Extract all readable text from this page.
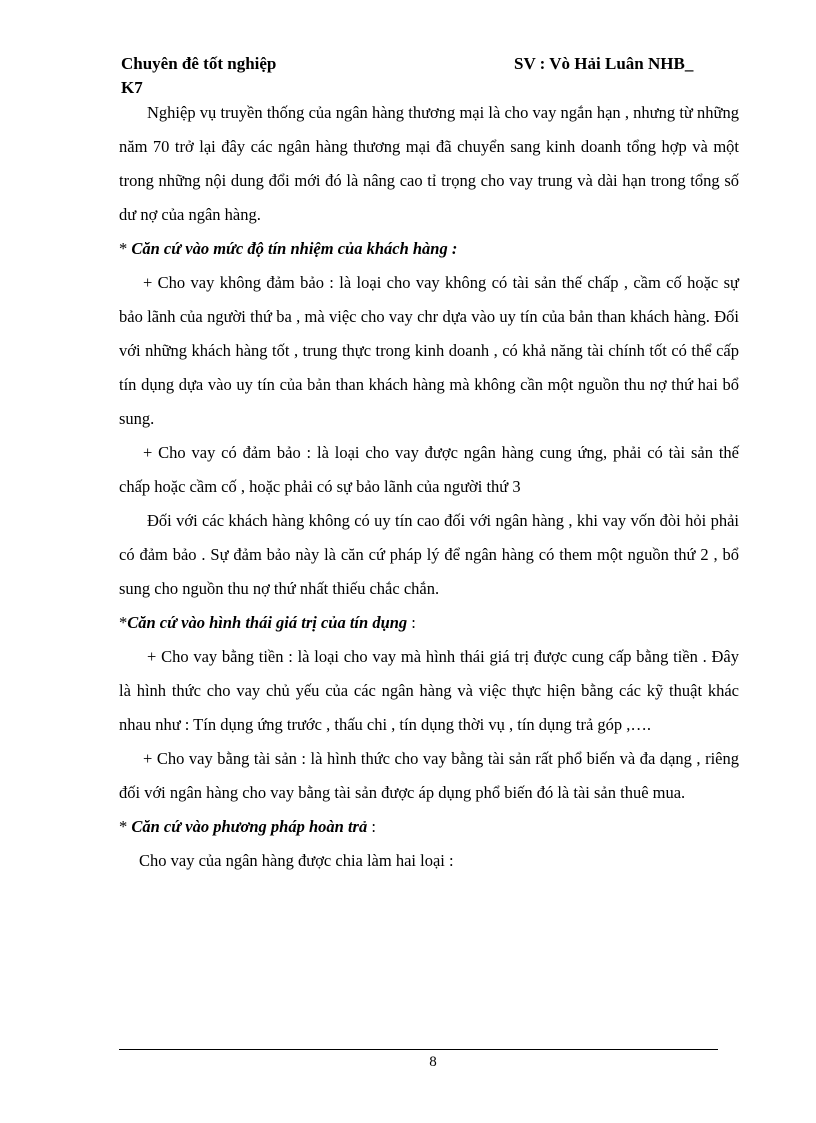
Chuyên đê tốt nghiệp	SV : Vò Hải Luân NHB_
K7

Nghiệp vụ truyền thống của ngân hàng thương mại là cho vay ngắn hạn , nhưng từ những năm 70 trở lại đây các ngân hàng thương mại đã chuyển sang kinh doanh tổng hợp và một trong những nội dung đổi mới đó là nâng cao tỉ trọng cho vay trung và dài hạn trong tổng số dư nợ của ngân hàng.

* Căn cứ vào mức độ tín nhiệm của khách hàng :

+ Cho vay không đảm bảo : là loại cho vay không có tài sản thế chấp , cầm cố hoặc sự bảo lãnh của người thứ ba , mà việc cho vay chr dựa vào uy tín của bản than khách hàng. Đối với những khách hàng tốt , trung thực trong kinh doanh , có khả năng tài chính tốt có thể cấp tín dụng dựa vào uy tín của bản than khách hàng mà không cần một nguồn thu nợ thứ hai bổ sung.

+ Cho vay có đảm bảo : là loại cho vay được ngân hàng cung ứng, phải có tài sản thế chấp hoặc cầm cố , hoặc phải có sự bảo lãnh của người thứ 3

Đối với các khách hàng không có uy tín cao đối với ngân hàng , khi vay vốn đòi hỏi phải có đảm bảo . Sự đảm bảo này là căn cứ pháp lý để ngân hàng có them một nguồn thứ 2 , bổ sung cho nguồn thu nợ thứ nhất thiếu chắc chắn.

*Căn cứ vào hình thái giá trị của tín dụng :

+ Cho vay bằng tiền : là loại cho vay mà hình thái giá trị được cung cấp bằng tiền . Đây là hình thức cho vay chủ yếu của các ngân hàng và việc thực hiện bằng các kỹ thuật khác nhau như : Tín dụng ứng trước , thấu chi , tín dụng thời vụ , tín dụng trả góp ,….

+ Cho vay bằng tài sản : là hình thức cho vay bằng tài sản rất phổ biến và đa dạng , riêng đối với ngân hàng cho vay bằng tài sản được áp dụng phổ biến đó là tài sản thuê mua.

* Căn cứ vào phương pháp hoàn trả :

Cho vay của ngân hàng được chia làm hai loại :

8
